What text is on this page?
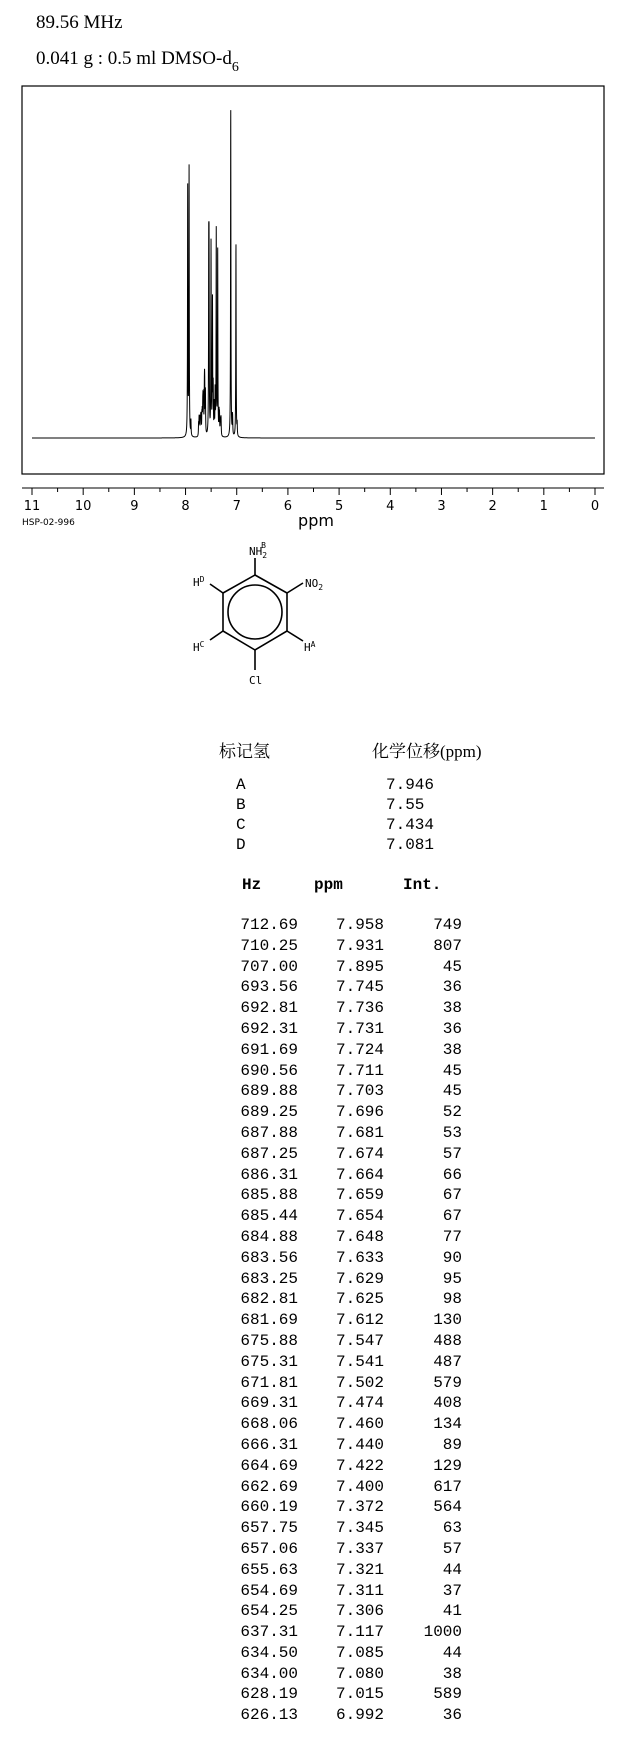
89.56 MHz
0.041 g : 0.5 ml DMSO-$d_6$
11	10	9	8	7	6	5	4	3	2	1	0
ppm
HSP-02-996
$NH_2B$
$NO_2$
$H^A$
Cl
$H^C$
$H^D$
标记氢	化学位移(ppm)
A	7.946
B	7.55
C	7.434
D	7.081
Hz	ppm	Int.
712.69	7.958	749
710.25	7.931	807
707.00	7.895	45
693.56	7.745	36
692.81	7.736	38
692.31	7.731	36
691.69	7.724	38
690.56	7.711	45
689.88	7.703	45
689.25	7.696	52
687.88	7.681	53
687.25	7.674	57
686.31	7.664	66
685.88	7.659	67
685.44	7.654	67
684.88	7.648	77
683.56	7.633	90
683.25	7.629	95
682.81	7.625	98
681.69	7.612	130
675.88	7.547	488
675.31	7.541	487
671.81	7.502	579
669.31	7.474	408
668.06	7.460	134
666.31	7.440	89
664.69	7.422	129
662.69	7.400	617
660.19	7.372	564
657.75	7.345	63
657.06	7.337	57
655.63	7.321	44
654.69	7.311	37
654.25	7.306	41
637.31	7.117	1000
634.50	7.085	44
634.00	7.080	38
628.19	7.015	589
626.13	6.992	36
